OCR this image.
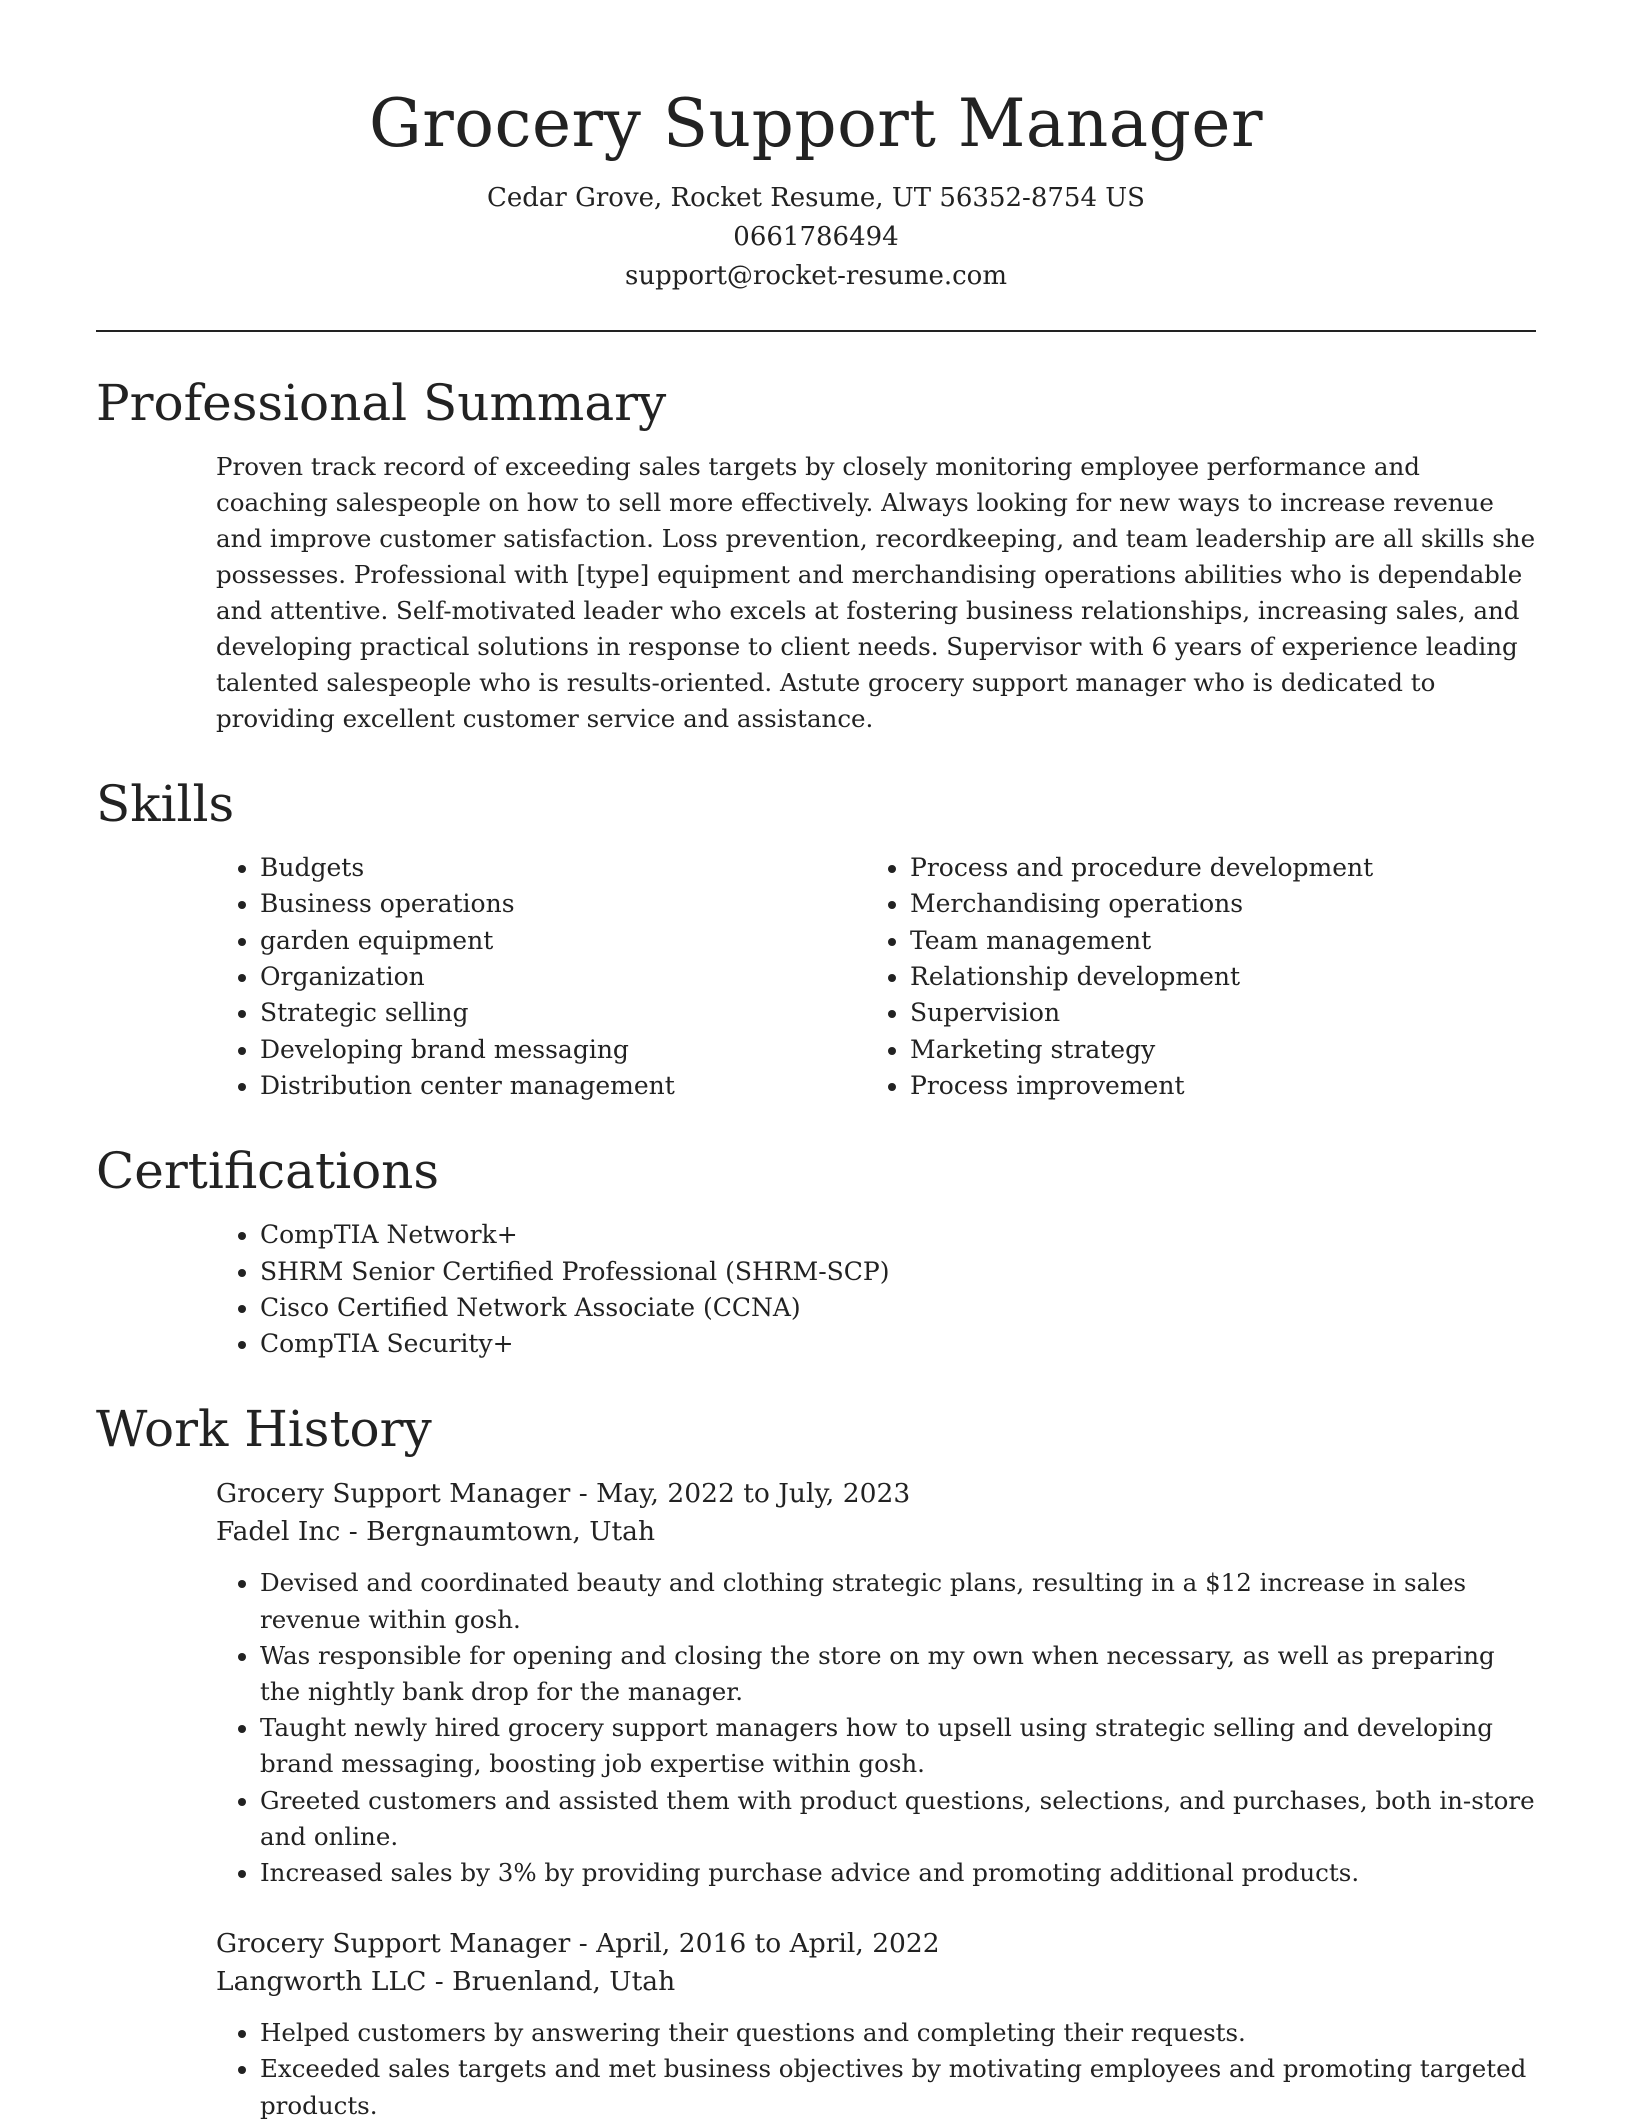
Grocery Support Manager
Cedar Grove, Rocket Resume, UT 56352-8754 US
0661786494
support@rocket-resume.com
Professional Summary

Proven track record of exceeding sales targets by closely monitoring employee performance and coaching salespeople on how to sell more effectively. Always looking for new ways to increase revenue and improve customer satisfaction. Loss prevention, recordkeeping, and team leadership are all skills she possesses. Professional with [type] equipment and merchandising operations abilities who is dependable and attentive. Self-motivated leader who excels at fostering business relationships, increasing sales, and developing practical solutions in response to client needs. Supervisor with 6 years of experience leading talented salespeople who is results-oriented. Astute grocery support manager who is dedicated to providing excellent customer service and assistance.

Skills
• Budgets
• Business operations
• garden equipment
• Organization
• Strategic selling
• Developing brand messaging
• Distribution center management
• Process and procedure development
• Merchandising operations
• Team management
• Relationship development
• Supervision
• Marketing strategy
• Process improvement
Certifications
• CompTIA Network+
• SHRM Senior Certified Professional (SHRM-SCP)
• Cisco Certified Network Associate (CCNA)
• CompTIA Security+
Work History
Grocery Support Manager - May, 2022 to July, 2023
Fadel Inc - Bergnaumtown, Utah
• Devised and coordinated beauty and clothing strategic plans, resulting in a $12 increase in sales revenue within gosh.
• Was responsible for opening and closing the store on my own when necessary, as well as preparing the nightly bank drop for the manager.
• Taught newly hired grocery support managers how to upsell using strategic selling and developing brand messaging, boosting job expertise within gosh.
• Greeted customers and assisted them with product questions, selections, and purchases, both in-store and online.
• Increased sales by 3% by providing purchase advice and promoting additional products.
Grocery Support Manager - April, 2016 to April, 2022
Langworth LLC - Bruenland, Utah
• Helped customers by answering their questions and completing their requests.
• Exceeded sales targets and met business objectives by motivating employees and promoting targeted products.
